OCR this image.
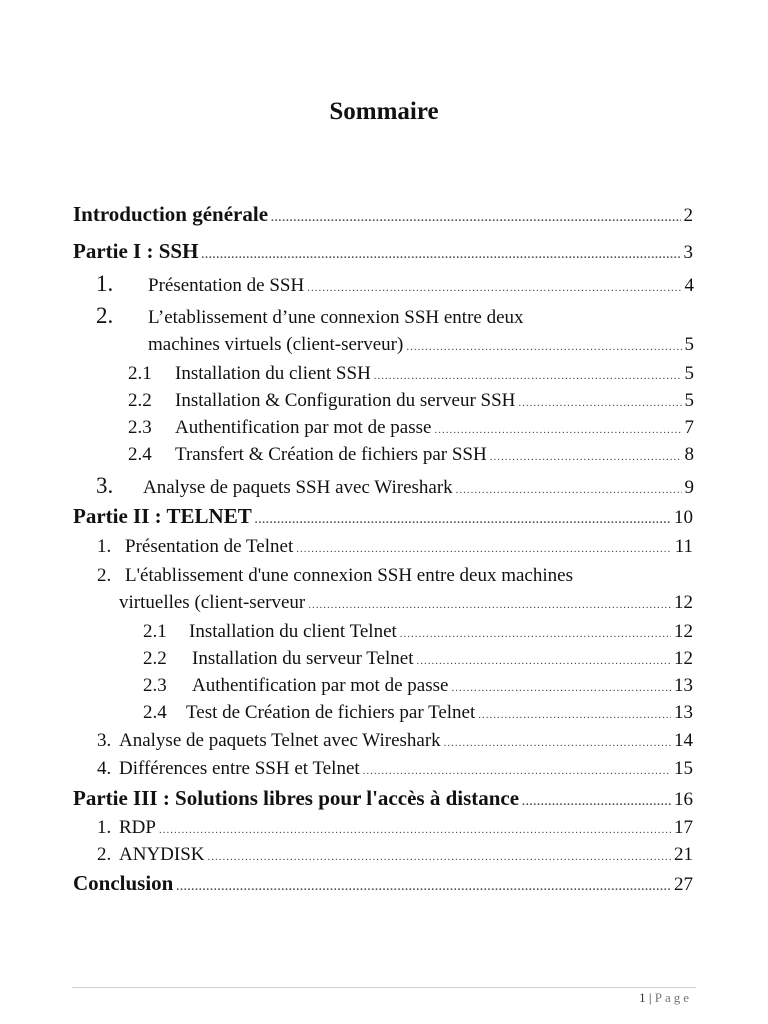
Sommaire
Introduction générale .....	2
Partie I : SSH .....	3
1.	Présentation de SSH .....	4
2.	L’etablissement d’une connexion SSH entre deux
machines virtuels (client-serveur) .....	5
2.1	Installation du client SSH .....	5
2.2	Installation & Configuration du serveur SSH .....	5
2.3	Authentification par mot de passe .....	7
2.4	Transfert & Création de fichiers par SSH .....	8
3.	Analyse de paquets SSH avec Wireshark .....	9
Partie II : TELNET .....	10
1. Présentation de Telnet .....	11
2. L'établissement d'une connexion SSH entre deux machines
virtuelles (client-serveur .....	12
2.1	Installation du client Telnet .....	12
2.2	Installation du serveur Telnet .....	12
2.3	Authentification par mot de passe .....	13
2.4	Test de Création de fichiers par Telnet .....	13
3. Analyse de paquets Telnet avec Wireshark .....	14
4. Différences entre SSH et Telnet .....	15
Partie III : Solutions libres pour l'accès à distance .....	16
1. RDP .....	17
2. ANYDISK .....	21
Conclusion .....	27
1 | Page
